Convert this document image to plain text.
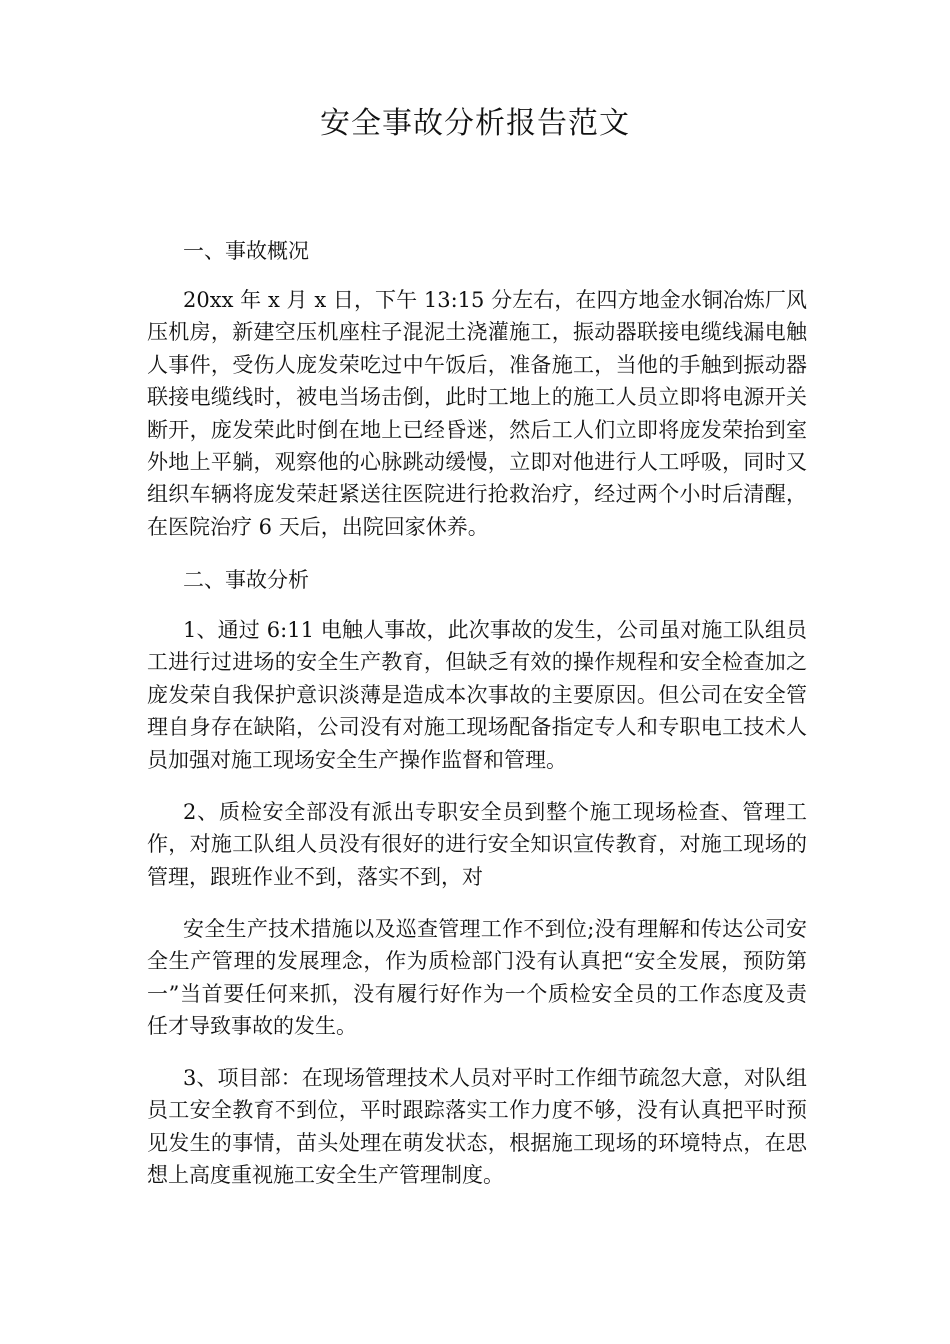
安全事故分析报告范文

一、事故概况

20xx 年 x 月 x 日，下午 13:15 分左右，在四方地金水铜冶炼厂风压机房，新建空压机座柱子混泥土浇灌施工，振动器联接电缆线漏电触人事件，受伤人庞发荣吃过中午饭后，准备施工，当他的手触到振动器联接电缆线时，被电当场击倒，此时工地上的施工人员立即将电源开关断开，庞发荣此时倒在地上已经昏迷，然后工人们立即将庞发荣抬到室外地上平躺，观察他的心脉跳动缓慢，立即对他进行人工呼吸，同时又组织车辆将庞发荣赶紧送往医院进行抢救治疗，经过两个小时后清醒，在医院治疗 6 天后，出院回家休养。

二、事故分析

1、通过 6:11 电触人事故，此次事故的发生，公司虽对施工队组员工进行过进场的安全生产教育，但缺乏有效的操作规程和安全检查加之庞发荣自我保护意识淡薄是造成本次事故的主要原因。但公司在安全管理自身存在缺陷，公司没有对施工现场配备指定专人和专职电工技术人员加强对施工现场安全生产操作监督和管理。

2、质检安全部没有派出专职安全员到整个施工现场检查、管理工作，对施工队组人员没有很好的进行安全知识宣传教育，对施工现场的管理，跟班作业不到，落实不到，对

安全生产技术措施以及巡查管理工作不到位;没有理解和传达公司安全生产管理的发展理念，作为质检部门没有认真把“安全发展，预防第一”当首要任何来抓，没有履行好作为一个质检安全员的工作态度及责任才导致事故的发生。

3、项目部：在现场管理技术人员对平时工作细节疏忽大意，对队组员工安全教育不到位，平时跟踪落实工作力度不够，没有认真把平时预见发生的事情，苗头处理在萌发状态，根据施工现场的环境特点，在思想上高度重视施工安全生产管理制度。
